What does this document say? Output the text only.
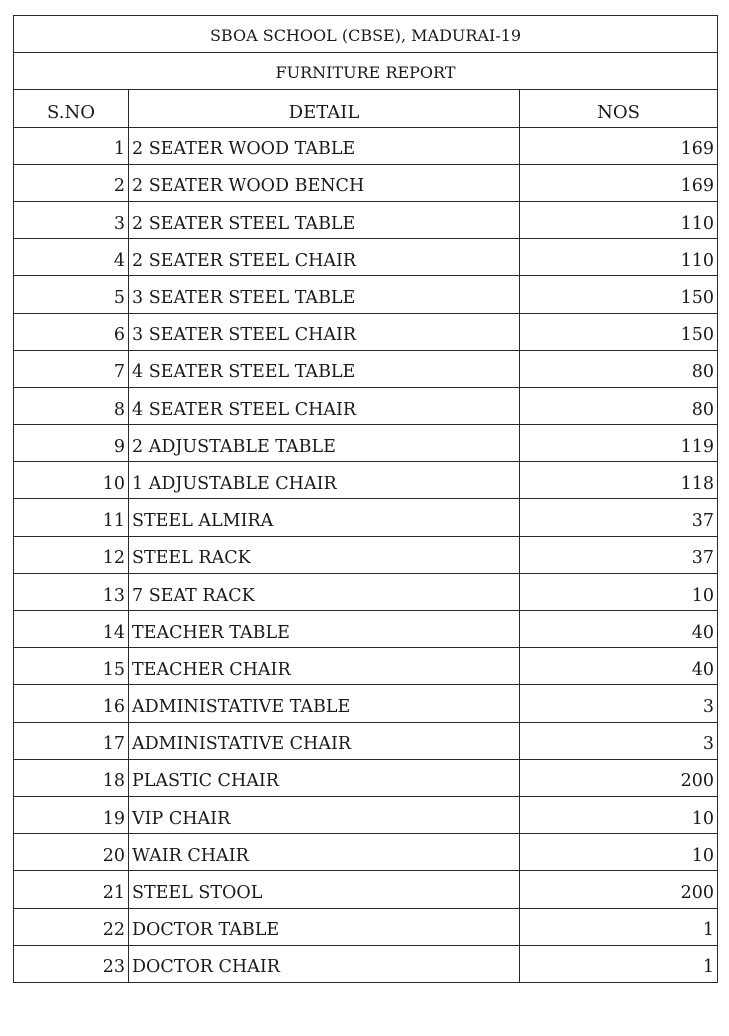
SBOA SCHOOL (CBSE), MADURAI-19		
FURNITURE REPORT		
S.NO	DETAIL	NOS
1	2 SEATER WOOD TABLE	169
2	2 SEATER WOOD BENCH	169
3	2 SEATER STEEL TABLE	110
4	2 SEATER STEEL CHAIR	110
5	3 SEATER STEEL TABLE	150
6	3 SEATER STEEL CHAIR	150
7	4 SEATER STEEL TABLE	80
8	4 SEATER STEEL CHAIR	80
9	2 ADJUSTABLE TABLE	119
10	1 ADJUSTABLE CHAIR	118
11	STEEL ALMIRA	37
12	STEEL RACK	37
13	7 SEAT RACK	10
14	TEACHER TABLE	40
15	TEACHER CHAIR	40
16	ADMINISTATIVE TABLE	3
17	ADMINISTATIVE CHAIR	3
18	PLASTIC CHAIR	200
19	VIP CHAIR	10
20	WAIR CHAIR	10
21	STEEL STOOL	200
22	DOCTOR TABLE	1
23	DOCTOR CHAIR	1
